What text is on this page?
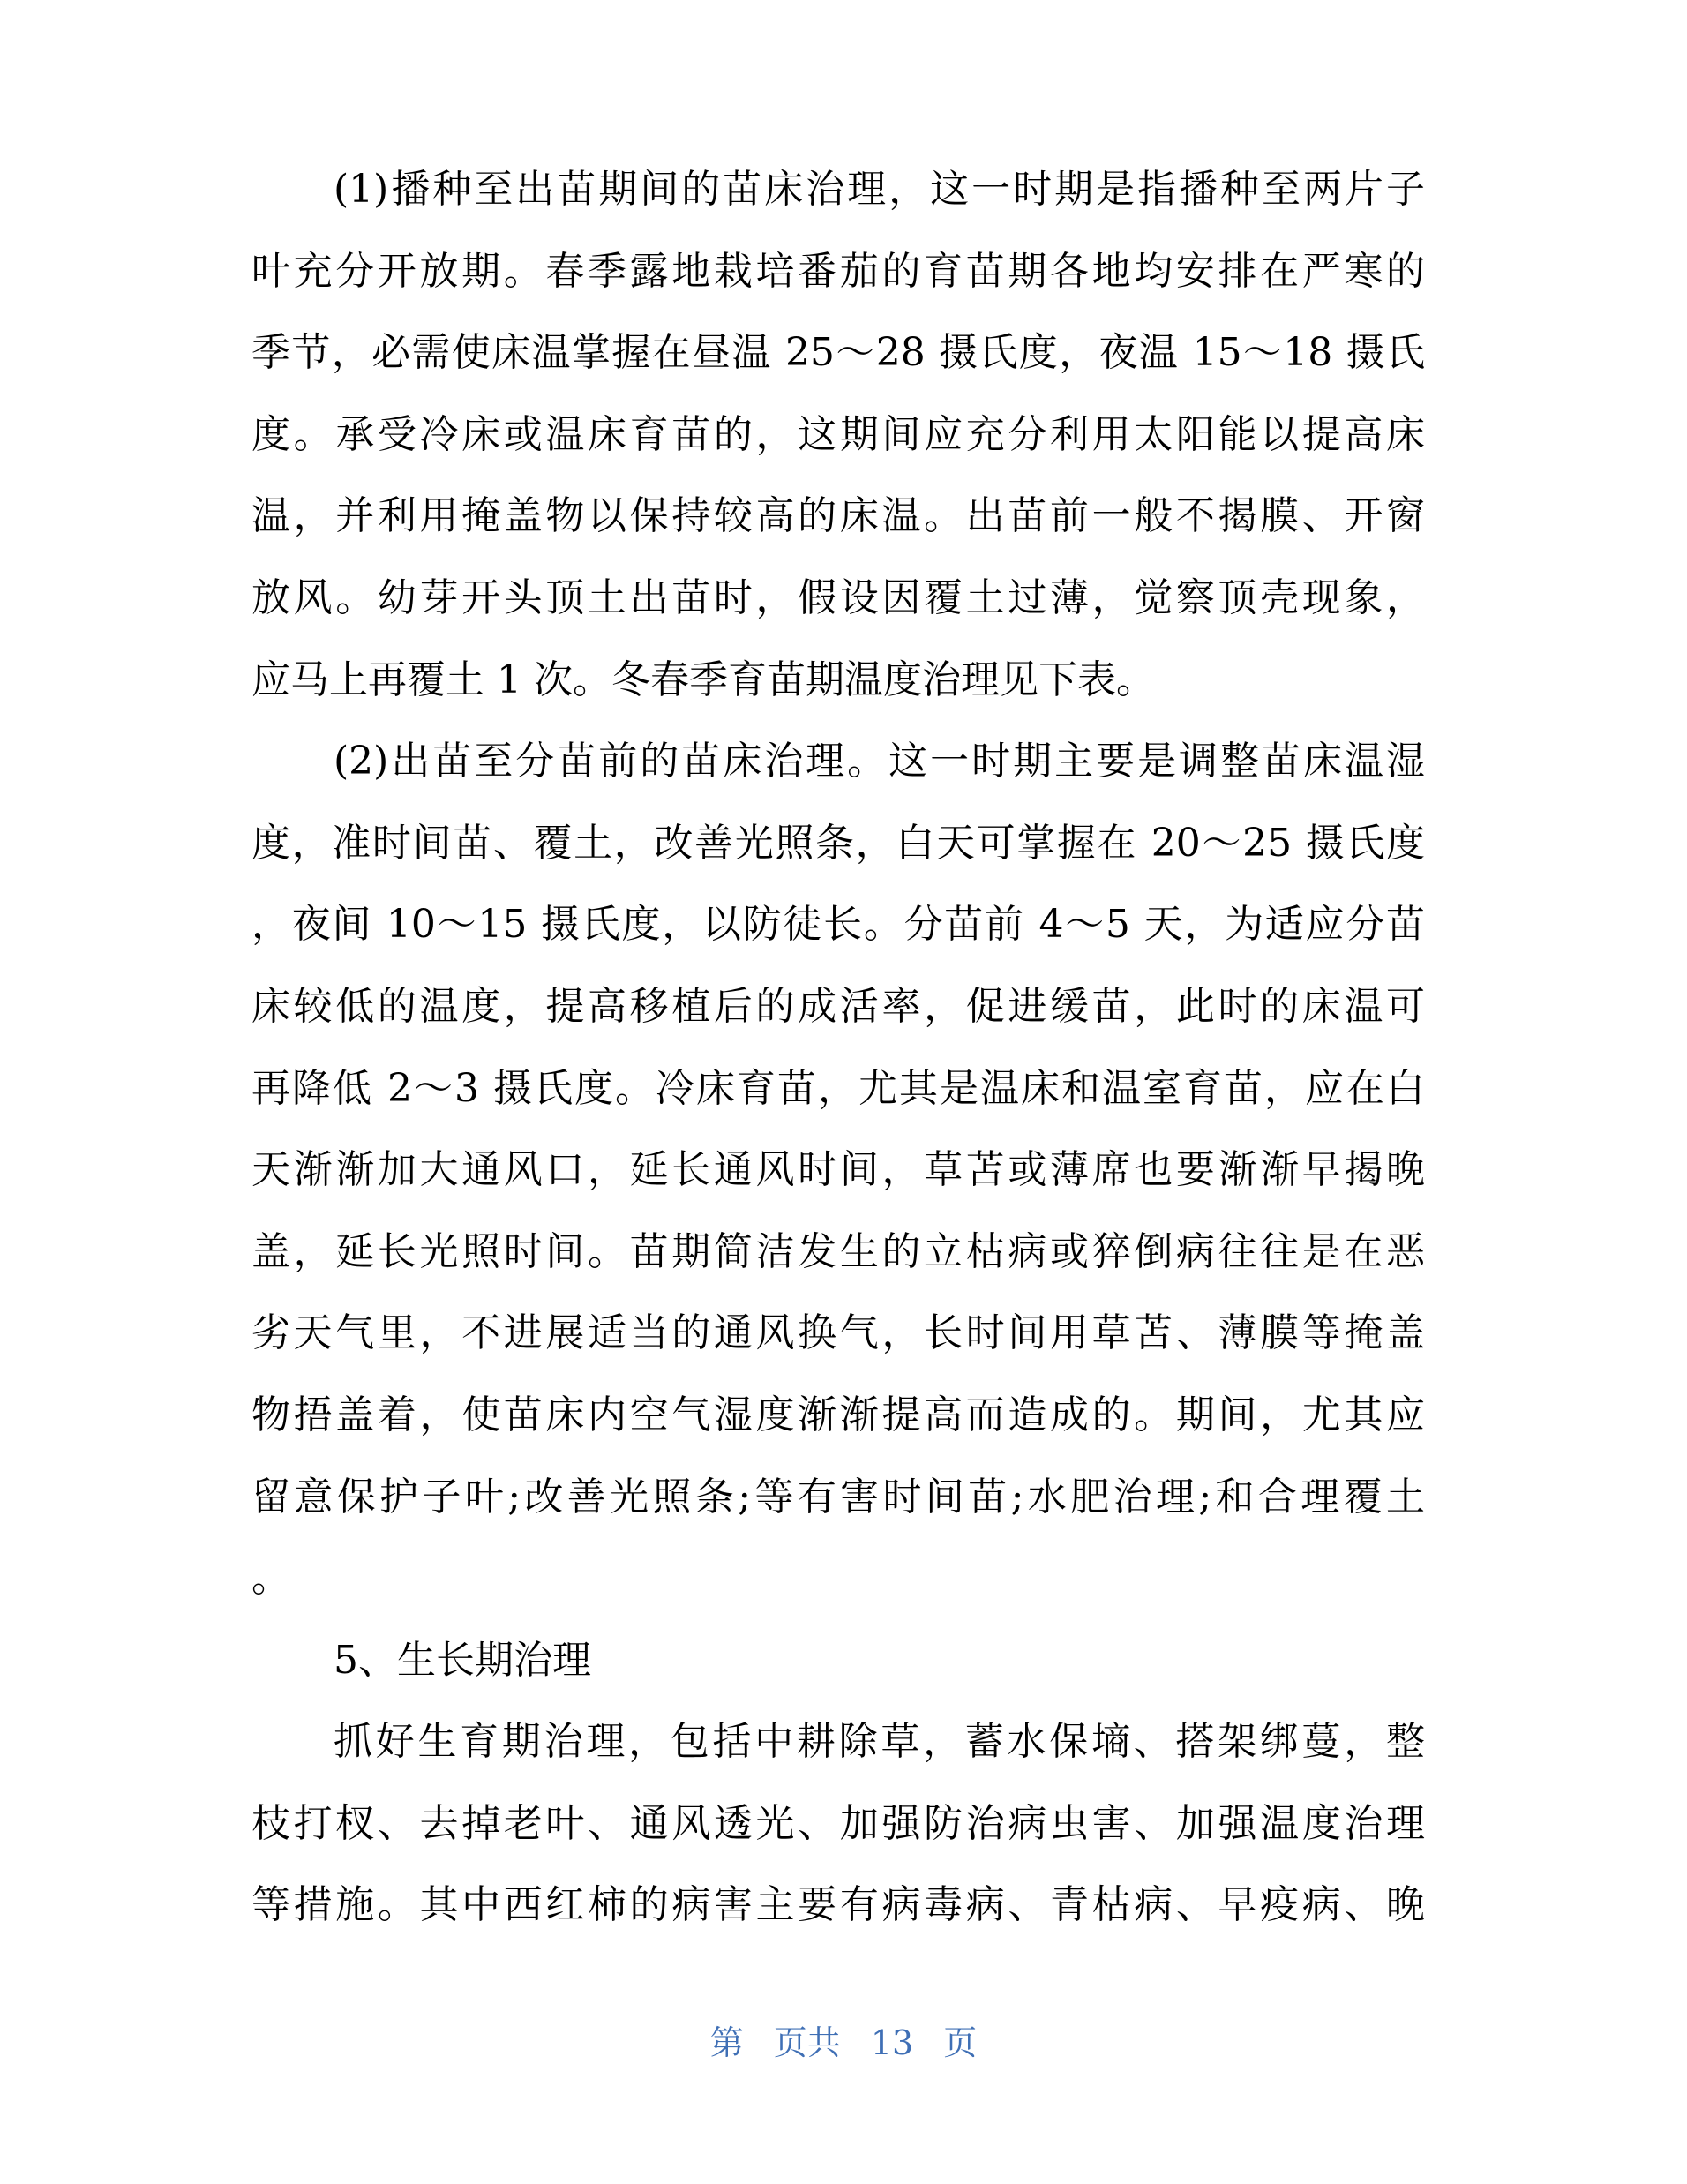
(1)播种至出苗期间的苗床治理，这一时期是指播种至两片子
叶充分开放期。春季露地栽培番茄的育苗期各地均安排在严寒的
季节，必需使床温掌握在昼温 25～28 摄氏度，夜温 15～18 摄氏
度。承受冷床或温床育苗的，这期间应充分利用太阳能以提高床
温，并利用掩盖物以保持较高的床温。出苗前一般不揭膜、开窗
放风。幼芽开头顶土出苗时，假设因覆土过薄，觉察顶壳现象，
应马上再覆土 1 次。冬春季育苗期温度治理见下表。
(2)出苗至分苗前的苗床治理。这一时期主要是调整苗床温湿
度，准时间苗、覆土，改善光照条，白天可掌握在 20～25 摄氏度
，夜间 10～15 摄氏度，以防徒长。分苗前 4～5 天，为适应分苗
床较低的温度，提高移植后的成活率，促进缓苗，此时的床温可
再降低 2～3 摄氏度。冷床育苗，尤其是温床和温室育苗，应在白
天渐渐加大通风口，延长通风时间，草苫或薄席也要渐渐早揭晚
盖，延长光照时间。苗期简洁发生的立枯病或猝倒病往往是在恶
劣天气里，不进展适当的通风换气，长时间用草苫、薄膜等掩盖
物捂盖着，使苗床内空气湿度渐渐提高而造成的。期间，尤其应
留意保护子叶;改善光照条;等有害时间苗;水肥治理;和合理覆土
。
5、生长期治理
抓好生育期治理，包括中耕除草，蓄水保墒、搭架绑蔓，整
枝打杈、去掉老叶、通风透光、加强防治病虫害、加强温度治理
等措施。其中西红柿的病害主要有病毒病、青枯病、早疫病、晚
第 页共 13 页
